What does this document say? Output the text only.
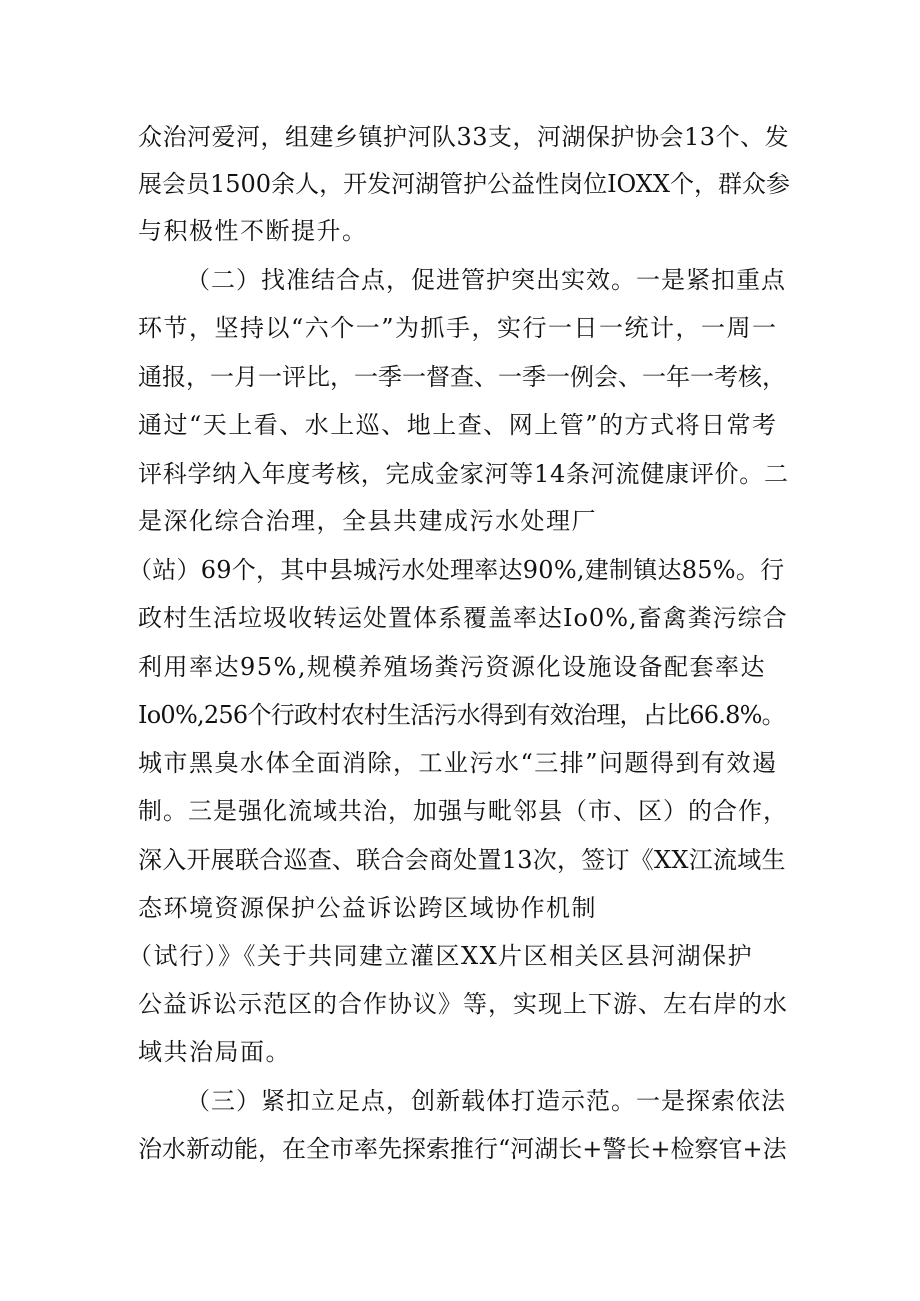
众治河爱河，组建乡镇护河队33支，河湖保护协会13个、发
展会员1500余人，开发河湖管护公益性岗位IOXX个，群众参
与积极性不断提升。
（二）找准结合点，促进管护突出实效。一是紧扣重点
环节，坚持以“六个一”为抓手，实行一日一统计，一周一
通报，一月一评比，一季一督查、一季一例会、一年一考核，
通过“天上看、水上巡、地上查、网上管”的方式将日常考
评科学纳入年度考核，完成金家河等14条河流健康评价。二
是深化综合治理，全县共建成污水处理厂
（站）69个，其中县城污水处理率达90%,建制镇达85%。行
政村生活垃圾收转运处置体系覆盖率达Io0%,畜禽粪污综合
利用率达95%,规模养殖场粪污资源化设施设备配套率达
Io0%,256个行政村农村生活污水得到有效治理，占比66.8%。
城市黑臭水体全面消除，工业污水“三排”问题得到有效遏
制。三是强化流域共治，加强与毗邻县（市、区）的合作，
深入开展联合巡查、联合会商处置13次，签订《XX江流域生
态环境资源保护公益诉讼跨区域协作机制
（试行）》《关于共同建立灌区XX片区相关区县河湖保护
公益诉讼示范区的合作协议》等，实现上下游、左右岸的水
域共治局面。
（三）紧扣立足点，创新载体打造示范。一是探索依法
治水新动能，在全市率先探索推行“河湖长+警长+检察官+法
